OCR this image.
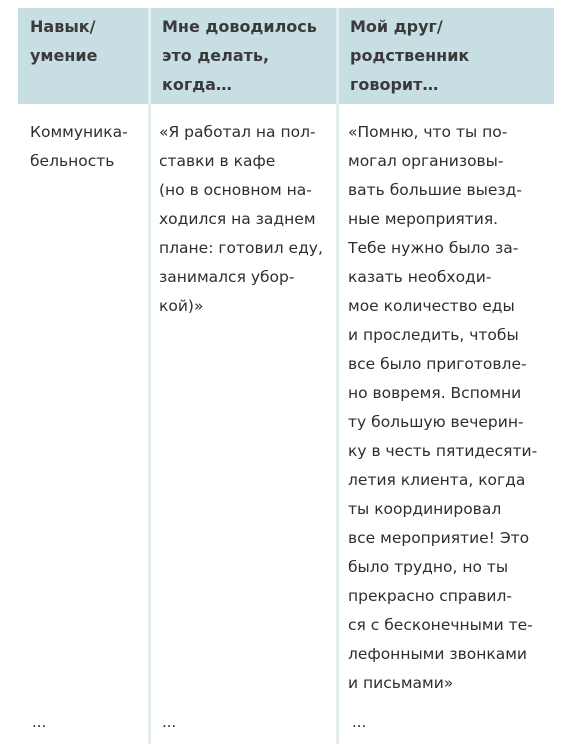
Навык/
умение
Мне доводилось
это делать,
когда…
Мой друг/
родственник
говорит…
Коммуника-
бельность
«Я работал на пол-
ставки в кафе
(но в основном на-
ходился на заднем
плане: готовил еду,
занимался убор-
кой)»
«Помню, что ты по-
могал организовы-
вать большие выезд-
ные мероприятия.
Тебе нужно было за-
казать необходи-
мое количество еды
и проследить, чтобы
все было приготовле-
но вовремя. Вспомни
ту большую вечерин-
ку в честь пятидесяти-
летия клиента, когда
ты координировал
все мероприятие! Это
было трудно, но ты
прекрасно справил-
ся с бесконечными те-
лефонными звонками
и письмами»
...	...	...
